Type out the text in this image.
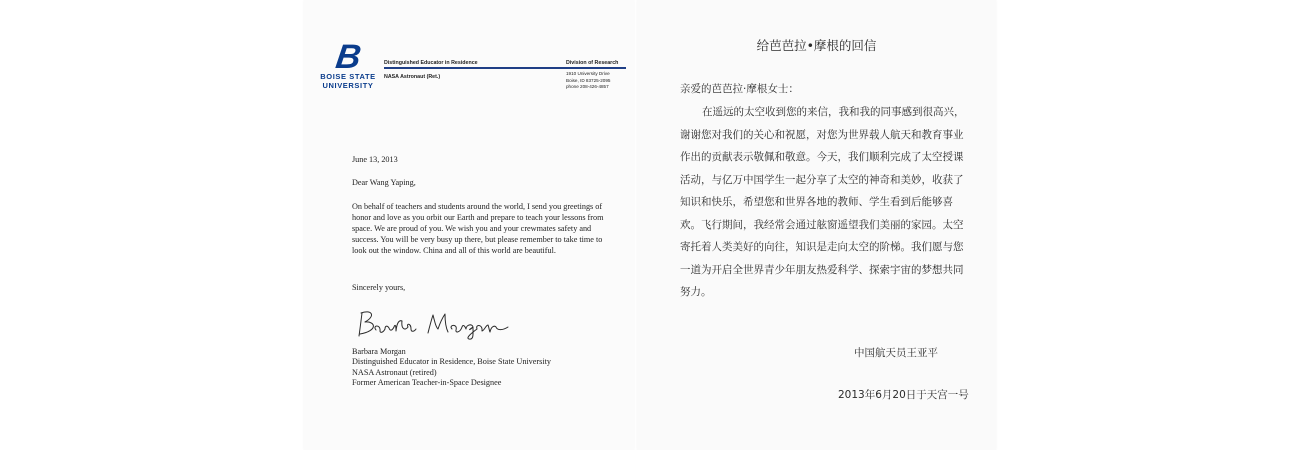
B
BOISE STATE
UNIVERSITY
Distinguished Educator in Residence
NASA Astronaut (Ret.)
Division of Research
1910 University Drive
Boise, ID 83725-2095
phone 208-426-4857
June 13, 2013
Dear Wang Yaping,
On behalf of teachers and students around the world, I send you greetings of honor and love as you orbit our Earth and prepare to teach your lessons from space. We are proud of you. We wish you and your crewmates safety and success. You will be very busy up there, but please remember to take time to look out the window. China and all of this world are beautiful.
Sincerely yours,
Barbara Morgan
Distinguished Educator in Residence, Boise State University
NASA Astronaut (retired)
Former American Teacher-in-Space Designee
给芭芭拉•摩根的回信
亲爱的芭芭拉·摩根女士：
在遥远的太空收到您的来信，我和我的同事感到很高兴，谢谢您对我们的关心和祝愿，对您为世界载人航天和教育事业作出的贡献表示敬佩和敬意。今天，我们顺利完成了太空授课活动，与亿万中国学生一起分享了太空的神奇和美妙，收获了知识和快乐，希望您和世界各地的教师、学生看到后能够喜欢。飞行期间，我经常会通过舷窗遥望我们美丽的家园。太空寄托着人类美好的向往，知识是走向太空的阶梯。我们愿与您一道为开启全世界青少年朋友热爱科学、探索宇宙的梦想共同努力。
中国航天员王亚平
2013年6月20日于天宫一号
